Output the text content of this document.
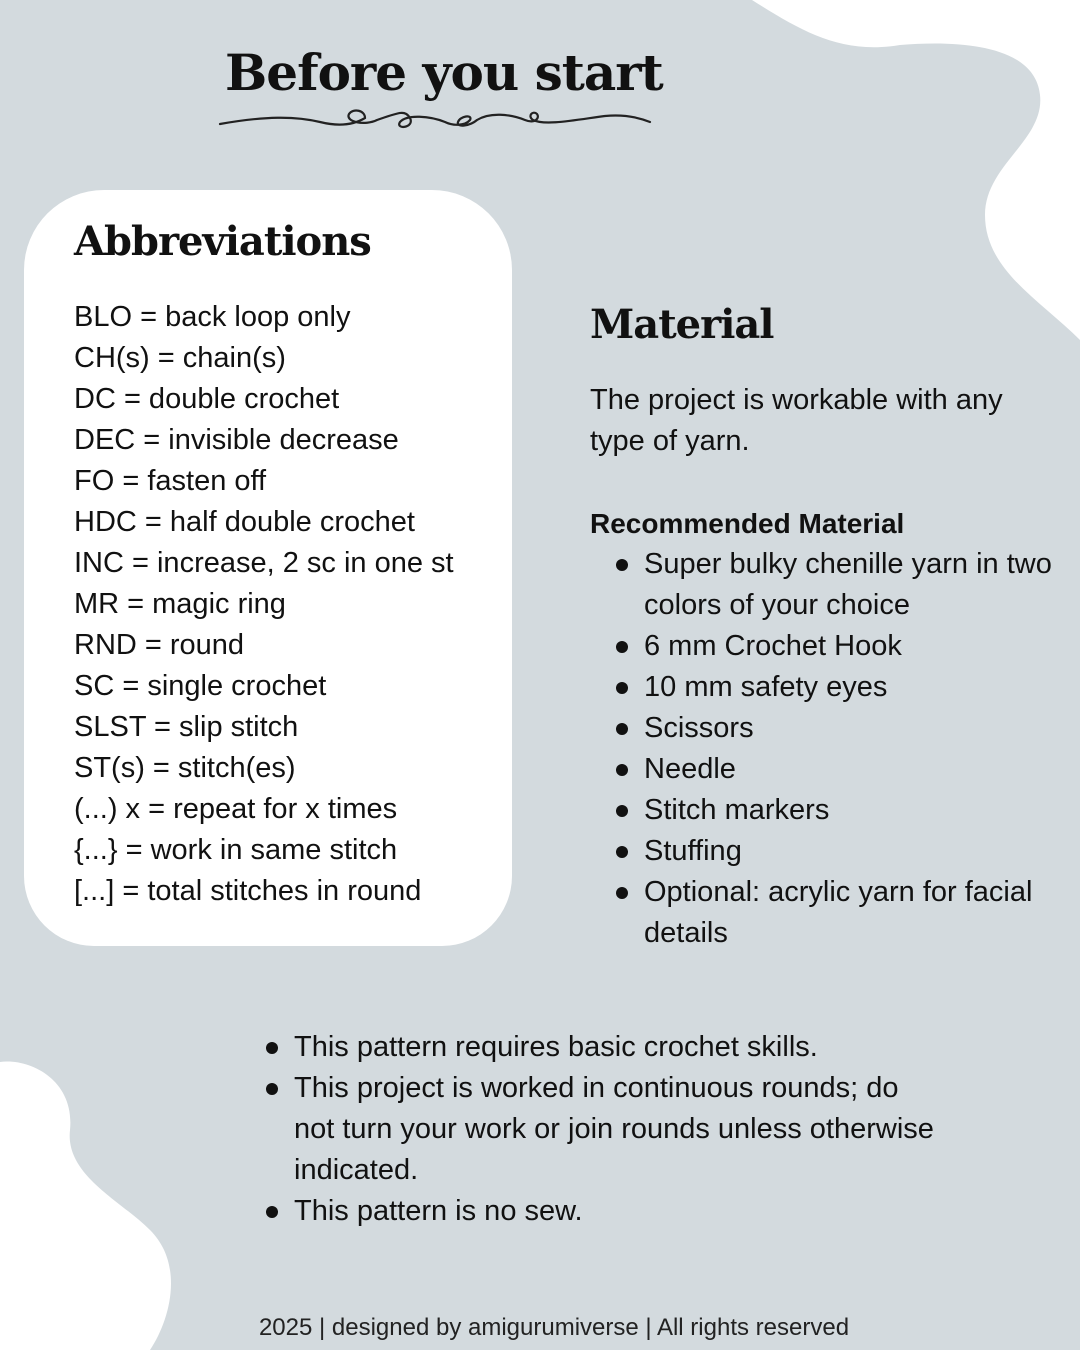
Before you start
Abbreviations
BLO = back loop only
CH(s) = chain(s)
DC = double crochet
DEC = invisible decrease
FO = fasten off
HDC = half double crochet
INC = increase, 2 sc in one st
MR = magic ring
RND = round
SC = single crochet
SLST = slip stitch
ST(s) = stitch(es)
(...) x = repeat for x times
{...} = work in same stitch
[...] = total stitches in round
Material

The project is workable with any type of yarn.

Recommended Material
Super bulky chenille yarn in two colors of your choice
6 mm Crochet Hook
10 mm safety eyes
Scissors
Needle
Stitch markers
Stuffing
Optional: acrylic yarn for facial details
This pattern requires basic crochet skills.
This project is worked in continuous rounds; do not turn your work or join rounds unless otherwise indicated.
This pattern is no sew.

2025 | designed by amigurumiverse | All rights reserved
